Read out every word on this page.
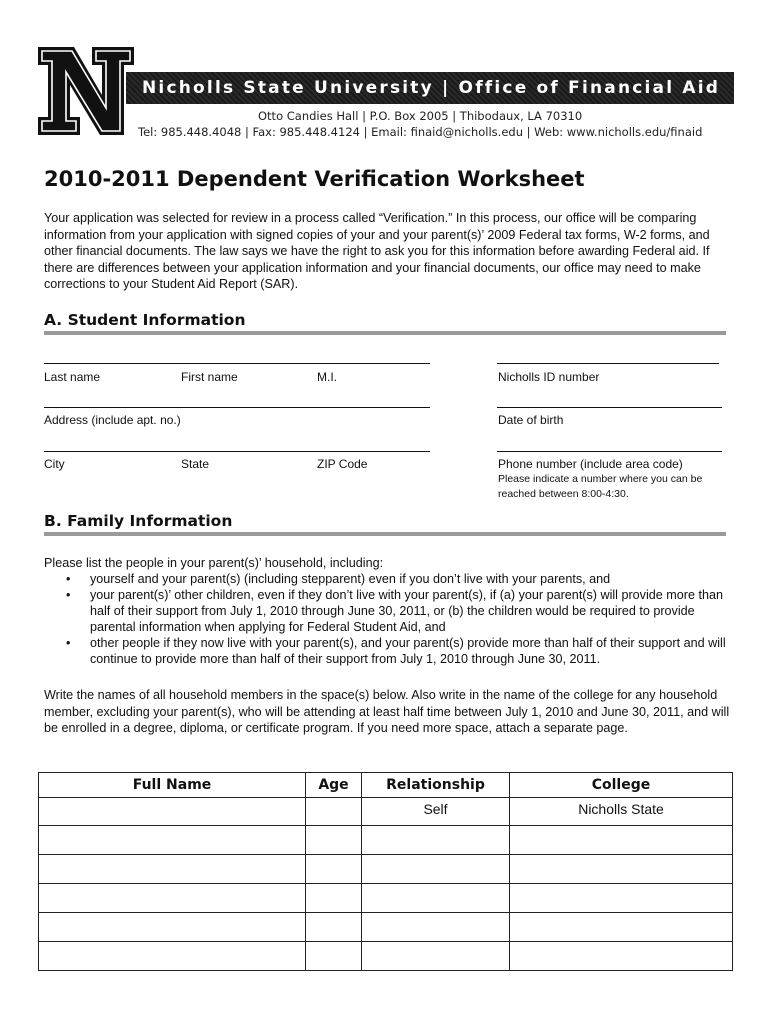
Nicholls State University | Office of Financial Aid
Otto Candies Hall | P.O. Box 2005 | Thibodaux, LA 70310
Tel: 985.448.4048 | Fax: 985.448.4124 | Email: finaid@nicholls.edu | Web: www.nicholls.edu/finaid
2010-2011 Dependent Verification Worksheet
Your application was selected for review in a process called “Verification.” In this process, our office will be comparing information from your application with signed copies of your and your parent(s)’ 2009 Federal tax forms, W-2 forms, and other financial documents. The law says we have the right to ask you for this information before awarding Federal aid. If there are differences between your application information and your financial documents, our office may need to make corrections to your Student Aid Report (SAR).
A. Student Information
Last name	First name	M.I.	Nicholls ID number
Address (include apt. no.)	Date of birth
City	State	ZIP Code	Phone number (include area code)
Please indicate a number where you can be reached between 8:00-4:30.
B. Family Information
Please list the people in your parent(s)’ household, including:
• yourself and your parent(s) (including stepparent) even if you don’t live with your parents, and
• your parent(s)’ other children, even if they don’t live with your parent(s), if (a) your parent(s) will provide more than half of their support from July 1, 2010 through June 30, 2011, or (b) the children would be required to provide parental information when applying for Federal Student Aid, and
• other people if they now live with your parent(s), and your parent(s) provide more than half of their support and will continue to provide more than half of their support from July 1, 2010 through June 30, 2011.
Write the names of all household members in the space(s) below. Also write in the name of the college for any household member, excluding your parent(s), who will be attending at least half time between July 1, 2010 and June 30, 2011, and will be enrolled in a degree, diploma, or certificate program. If you need more space, attach a separate page.
Full Name	Age	Relationship	College
		Self	Nicholls State
